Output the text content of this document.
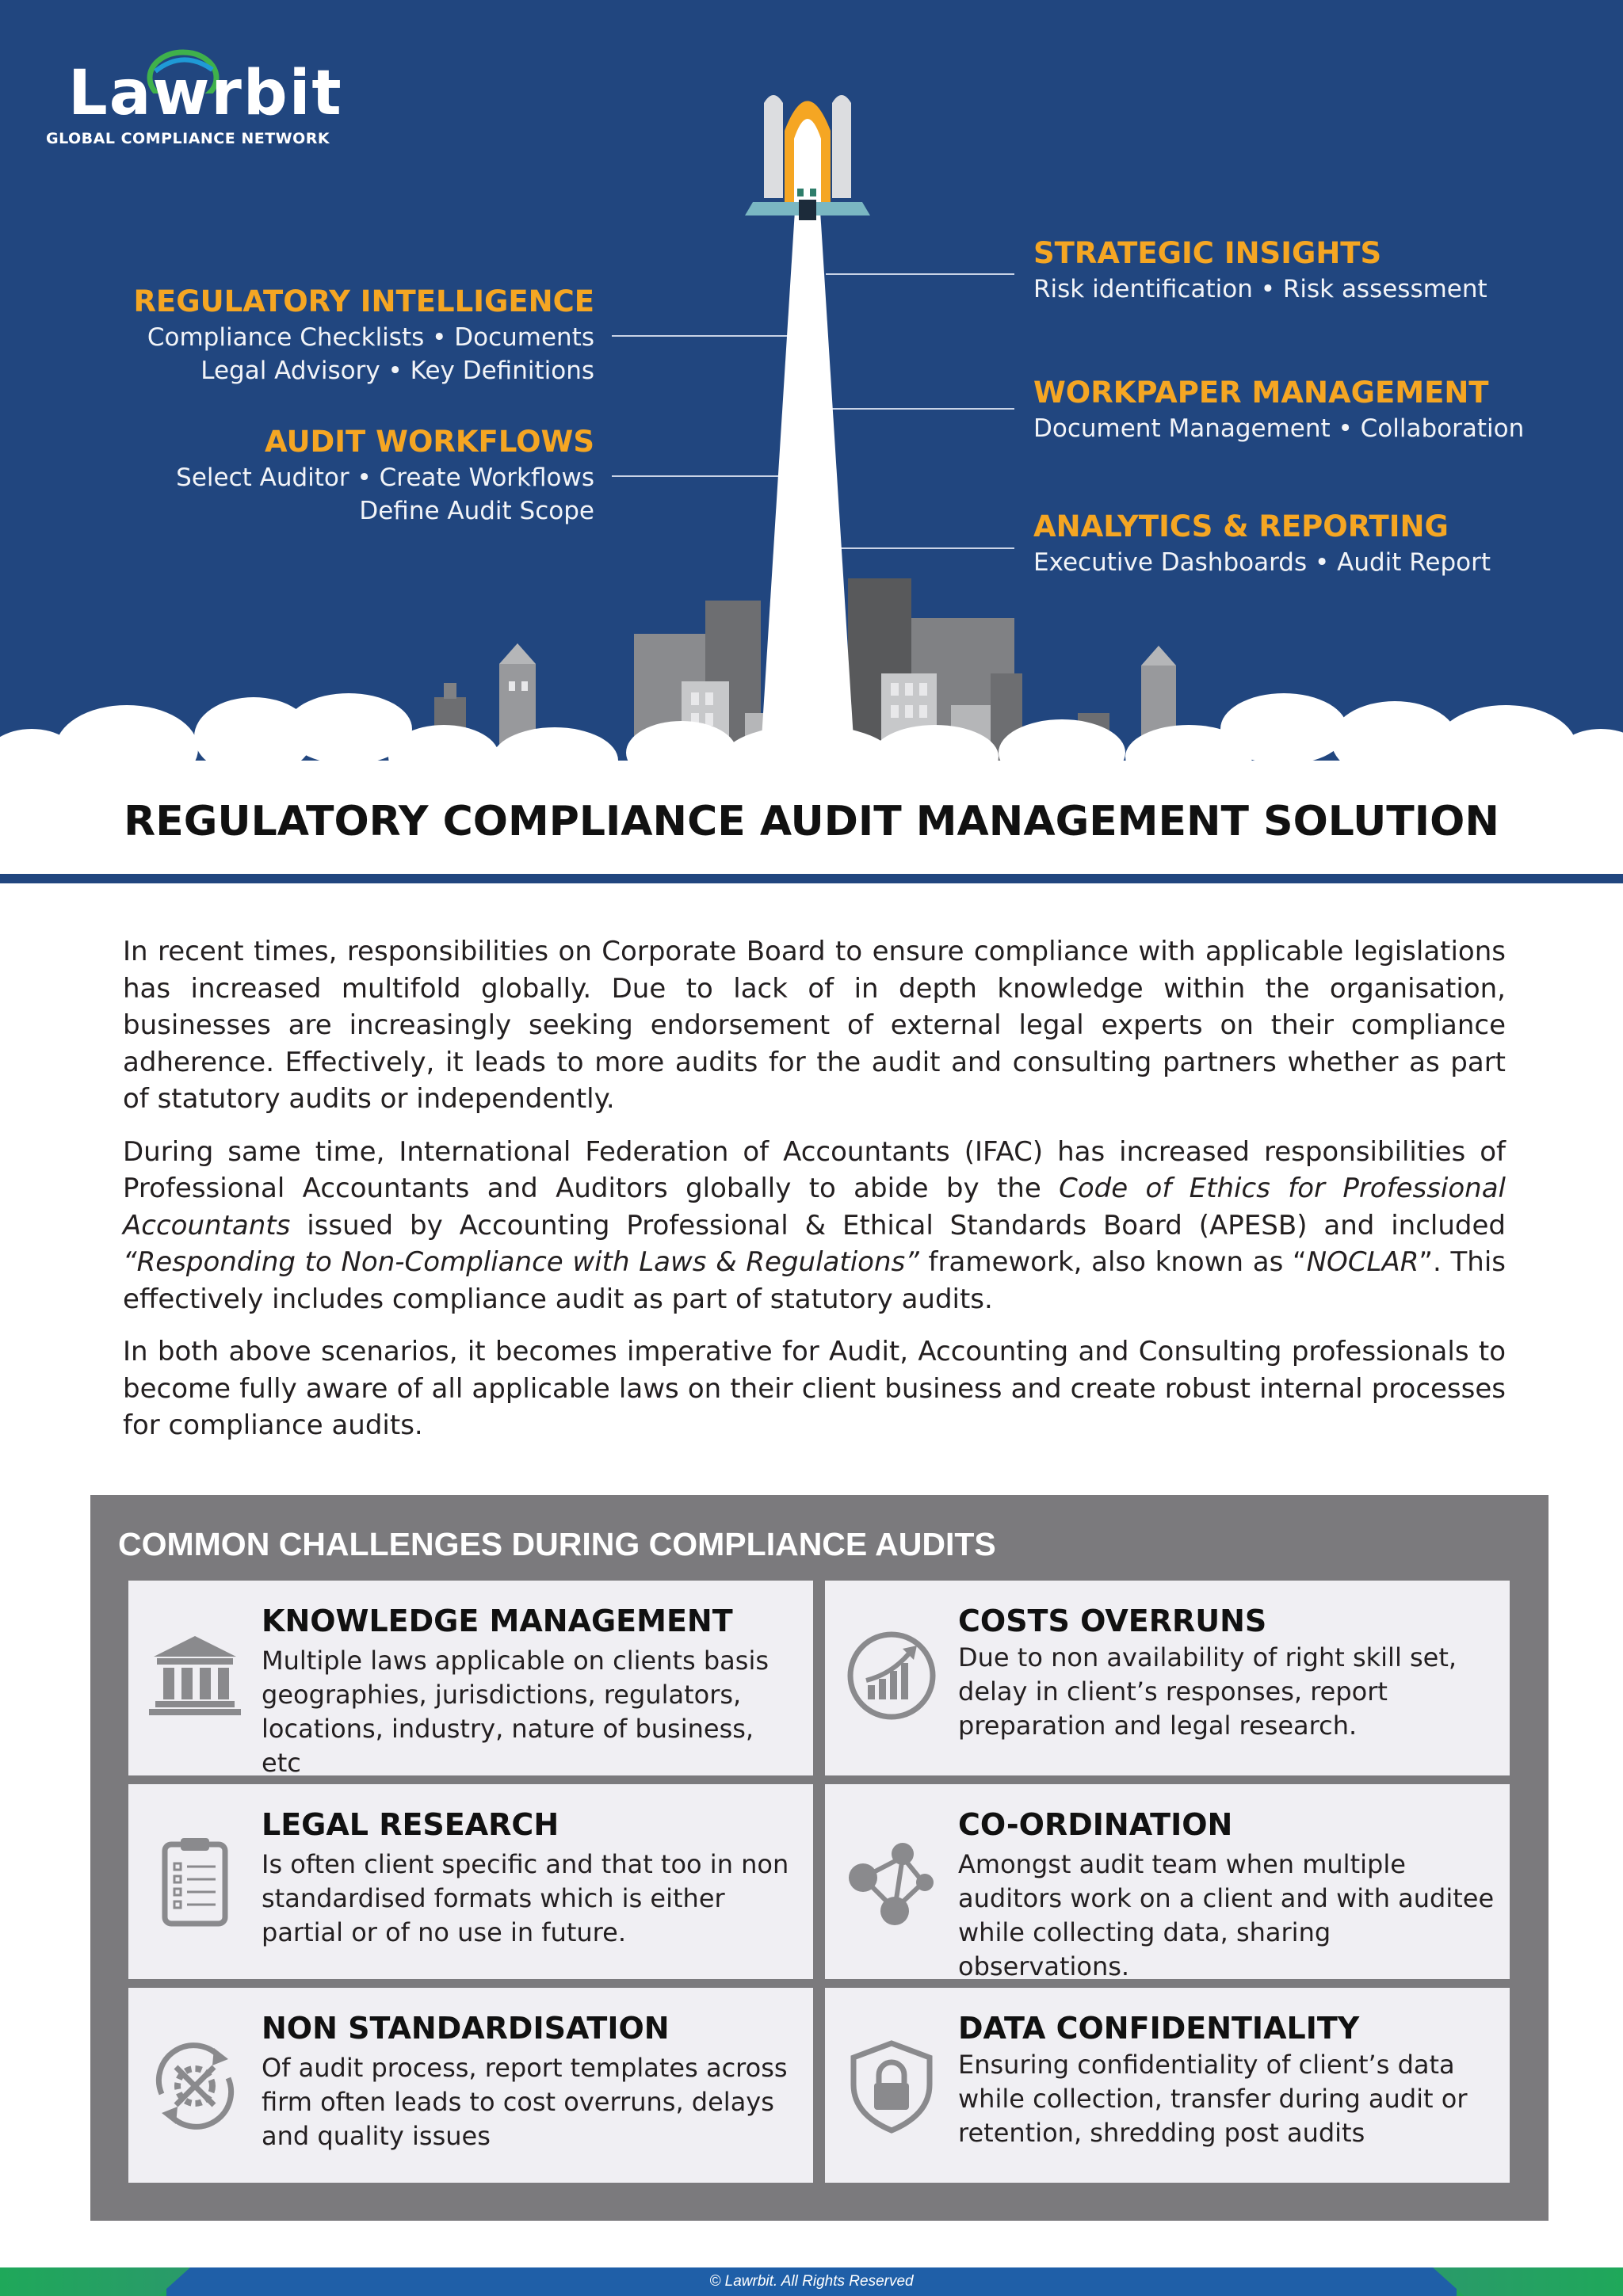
Lawrbit
GLOBAL COMPLIANCE NETWORK
REGULATORY INTELLIGENCE
Compliance Checklists • Documents
Legal Advisory • Key Definitions
AUDIT WORKFLOWS
Select Auditor • Create Workflows
Define Audit Scope
STRATEGIC INSIGHTS
Risk identification • Risk assessment
WORKPAPER MANAGEMENT
Document Management • Collaboration
ANALYTICS & REPORTING
Executive Dashboards • Audit Report
REGULATORY COMPLIANCE AUDIT MANAGEMENT SOLUTION

In recent times, responsibilities on Corporate Board to ensure compliance with applicable legislations has increased multifold globally. Due to lack of in depth knowledge within the organisation, businesses are increasingly seeking endorsement of external legal experts on their compliance adherence. Effectively, it leads to more audits for the audit and consulting partners whether as part of statutory audits or independently.

During same time, International Federation of Accountants (IFAC) has increased responsibilities of Professional Accountants and Auditors globally to abide by the Code of Ethics for Professional Accountants issued by Accounting Professional & Ethical Standards Board (APESB) and included “Responding to Non-Compliance with Laws & Regulations” framework, also known as “NOCLAR”. This effectively includes compliance audit as part of statutory audits.

In both above scenarios, it becomes imperative for Audit, Accounting and Consulting professionals to become fully aware of all applicable laws on their client business and create robust internal processes for compliance audits.

COMMON CHALLENGES DURING COMPLIANCE AUDITS
KNOWLEDGE MANAGEMENT
Multiple laws applicable on clients basis geographies, jurisdictions, regulators, locations, industry, nature of business, etc
COSTS OVERRUNS
Due to non availability of right skill set, delay in client’s responses, report preparation and legal research.
LEGAL RESEARCH
Is often client specific and that too in non standardised formats which is either partial or of no use in future.
CO-ORDINATION
Amongst audit team when multiple auditors work on a client and with auditee while collecting data, sharing observations.
NON STANDARDISATION
Of audit process, report templates across firm often leads to cost overruns, delays and quality issues
DATA CONFIDENTIALITY
Ensuring confidentiality of client’s data while collection, transfer during audit or retention, shredding post audits
© Lawrbit. All Rights Reserved
